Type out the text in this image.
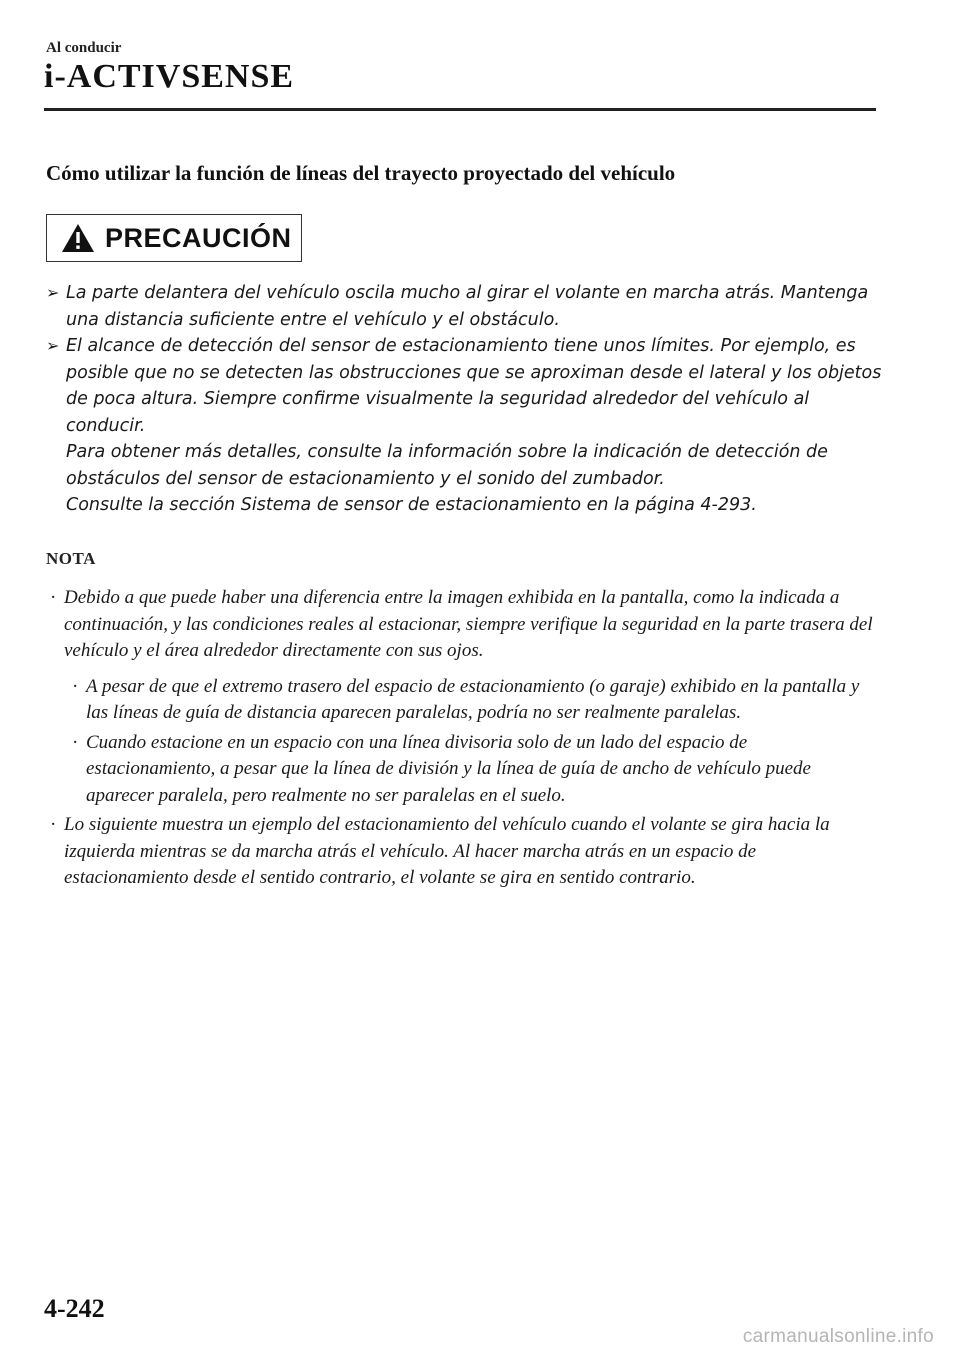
Al conducir
i-ACTIVSENSE
Cómo utilizar la función de líneas del trayecto proyectado del vehículo
PRECAUCIÓN
➢ La parte delantera del vehículo oscila mucho al girar el volante en marcha atrás. Mantenga una distancia suficiente entre el vehículo y el obstáculo.

➢ El alcance de detección del sensor de estacionamiento tiene unos límites. Por ejemplo, es posible que no se detecten las obstrucciones que se aproximan desde el lateral y los objetos de poca altura. Siempre confirme visualmente la seguridad alrededor del vehículo al conducir.

Para obtener más detalles, consulte la información sobre la indicación de detección de obstáculos del sensor de estacionamiento y el sonido del zumbador.

Consulte la sección Sistema de sensor de estacionamiento en la página 4-293.

NOTA
· Debido a que puede haber una diferencia entre la imagen exhibida en la pantalla, como la indicada a continuación, y las condiciones reales al estacionar, siempre verifique la seguridad en la parte trasera del vehículo y el área alrededor directamente con sus ojos.
· A pesar de que el extremo trasero del espacio de estacionamiento (o garaje) exhibido en la pantalla y las líneas de guía de distancia aparecen paralelas, podría no ser realmente paralelas.
· Cuando estacione en un espacio con una línea divisoria solo de un lado del espacio de estacionamiento, a pesar que la línea de división y la línea de guía de ancho de vehículo puede aparecer paralela, pero realmente no ser paralelas en el suelo.
· Lo siguiente muestra un ejemplo del estacionamiento del vehículo cuando el volante se gira hacia la izquierda mientras se da marcha atrás el vehículo. Al hacer marcha atrás en un espacio de estacionamiento desde el sentido contrario, el volante se gira en sentido contrario.
4-242
carmanualsonline.info
